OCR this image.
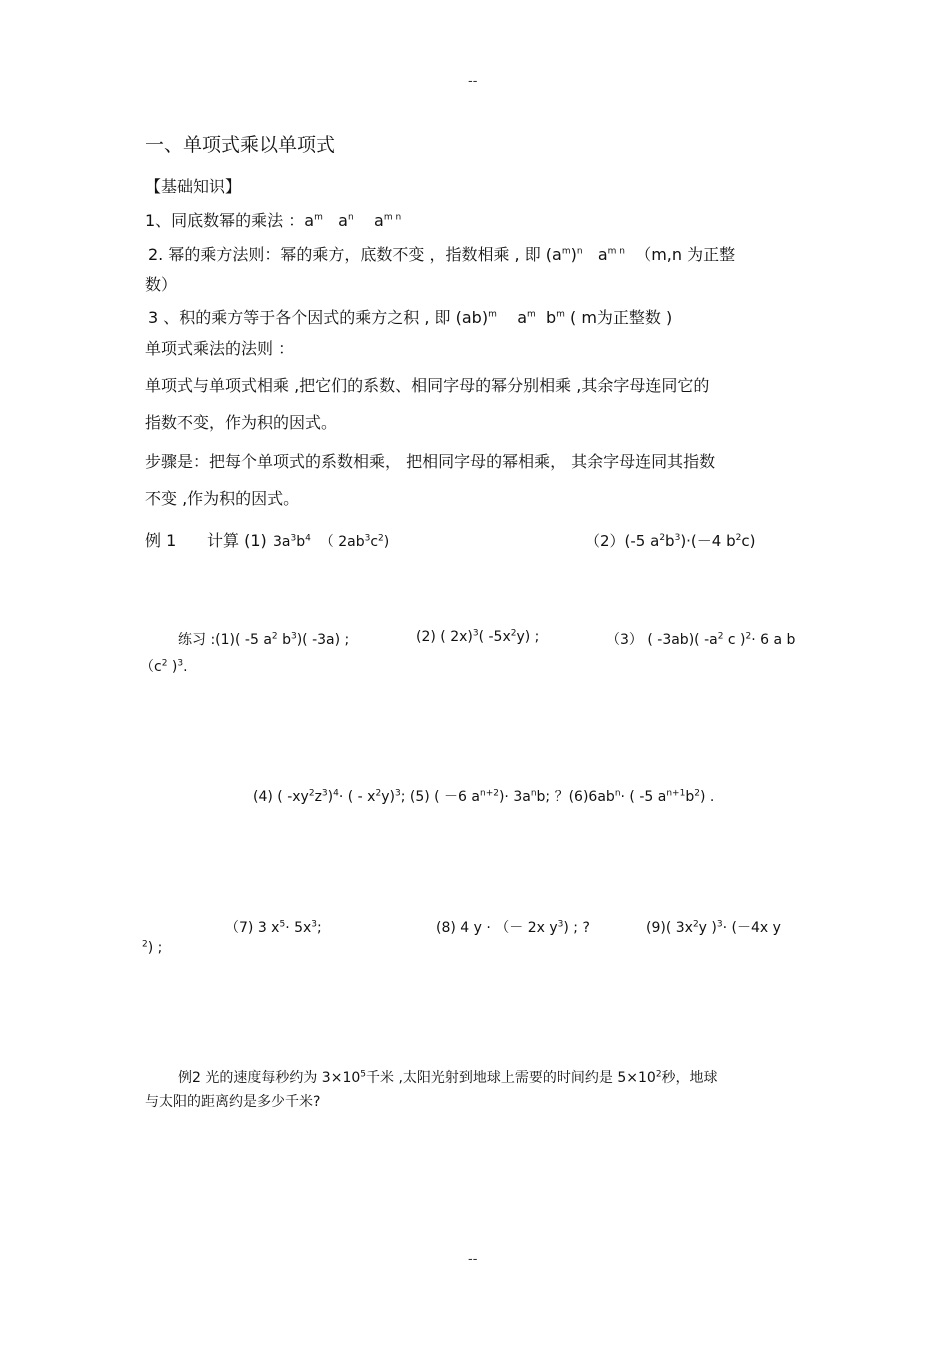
--
一、单项式乘以单项式
【基础知识】
1、同底数幂的乘法 ：$a^m$ $a^n$ $a^{m n}$
2. 幂的乘方法则：幂的乘方，底数不变 ，指数相乘 , 即 $(a^m)^n$ $a^{m n}$ （m,n 为正整
数）
3 、积的乘方等于各个因式的乘方之积 , 即 (ab)$^m$ $a^m$ $b^m$ ( m为正整数 )
单项式乘法的法则 ：
单项式与单项式相乘 ,把它们的系数、相同字母的幂分别相乘 ,其余字母连同它的
指数不变，作为积的因式。
步骤是：把每个单项式的系数相乘， 把相同字母的幂相乘， 其余字母连同其指数
不变 ,作为积的因式。
例 1 计算 (1) $3a^3b^4$ （ $2ab^3c^2$)	（2）(-5 $a^2b^3)\cdot(-4$ $b^2c$)
练习 :(1)( -5 $a^2$ $b^3$)( -3a) ;	(2) ( 2x)$^3$( $-5x^2y$) ;	（3） ( -3ab)( $-a^2$ c )$^2$· 6 a b
（$c^2$ )$^3$.
(4) ( $-xy^2z^3)^4\cdot$ ( - $x^2y)^3$; (5) ( －6 $a^{n+2})\cdot 3a^nb$; ？$(6)6ab^n\cdot$ ( -5 $a^{n+1}b^2$) .
（7) 3 $x^5\cdot 5x^3$;	(8) 4 y · （－ 2x $y^3$) ; ?	(9)( $3x^2y$ )$^3$· (－4x y
$^2$) ;
例2 光的速度每秒约为 $3\times 10^5$千米 ,太阳光射到地球上需要的时间约是 $5\times 10^2$秒，地球
与太阳的距离约是多少千米?
--
